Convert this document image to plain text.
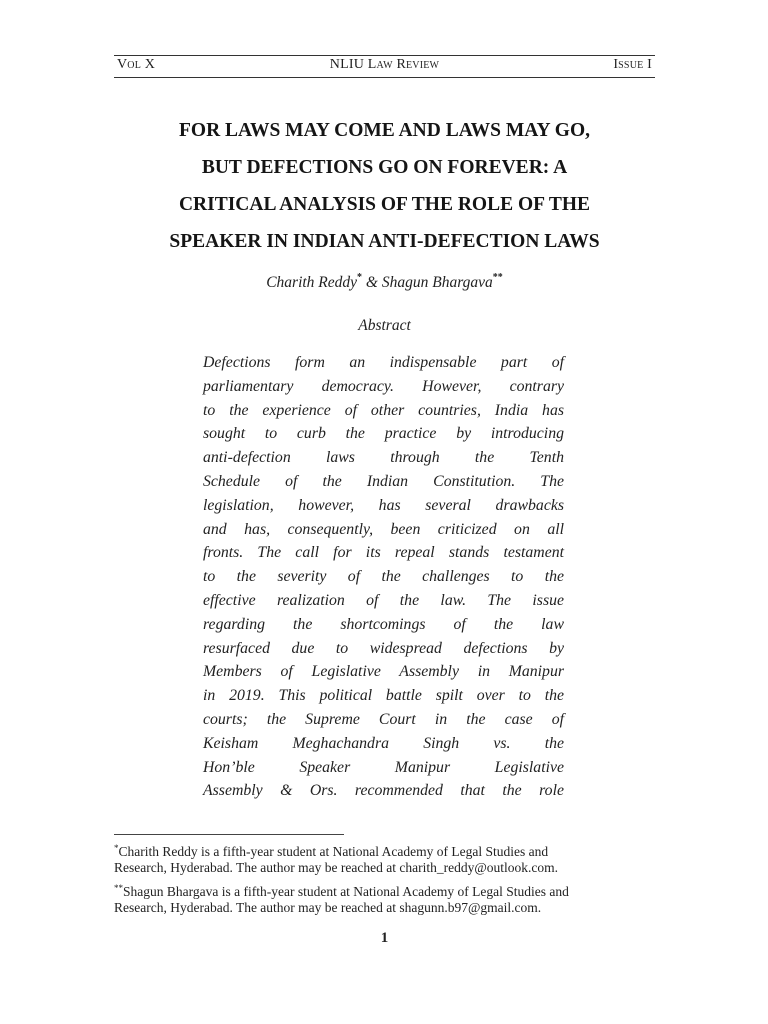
Vol X	NLIU Law Review	Issue I
FOR LAWS MAY COME AND LAWS MAY GO,
BUT DEFECTIONS GO ON FOREVER: A
CRITICAL ANALYSIS OF THE ROLE OF THE
SPEAKER IN INDIAN ANTI-DEFECTION LAWS
Charith Reddy* & Shagun Bhargava**
Abstract
Defections form an indispensable part of
parliamentary democracy. However, contrary
to the experience of other countries, India has
sought to curb the practice by introducing
anti-defection laws through the Tenth
Schedule of the Indian Constitution. The
legislation, however, has several drawbacks
and has, consequently, been criticized on all
fronts. The call for its repeal stands testament
to the severity of the challenges to the
effective realization of the law. The issue
regarding the shortcomings of the law
resurfaced due to widespread defections by
Members of Legislative Assembly in Manipur
in 2019. This political battle spilt over to the
courts; the Supreme Court in the case of
Keisham Meghachandra Singh vs. the
Hon’ble Speaker Manipur Legislative
Assembly & Ors. recommended that the role
*Charith Reddy is a fifth-year student at National Academy of Legal Studies and
Research, Hyderabad. The author may be reached at charith_reddy@outlook.com.
**Shagun Bhargava is a fifth-year student at National Academy of Legal Studies and
Research, Hyderabad. The author may be reached at shagunn.b97@gmail.com.
1
